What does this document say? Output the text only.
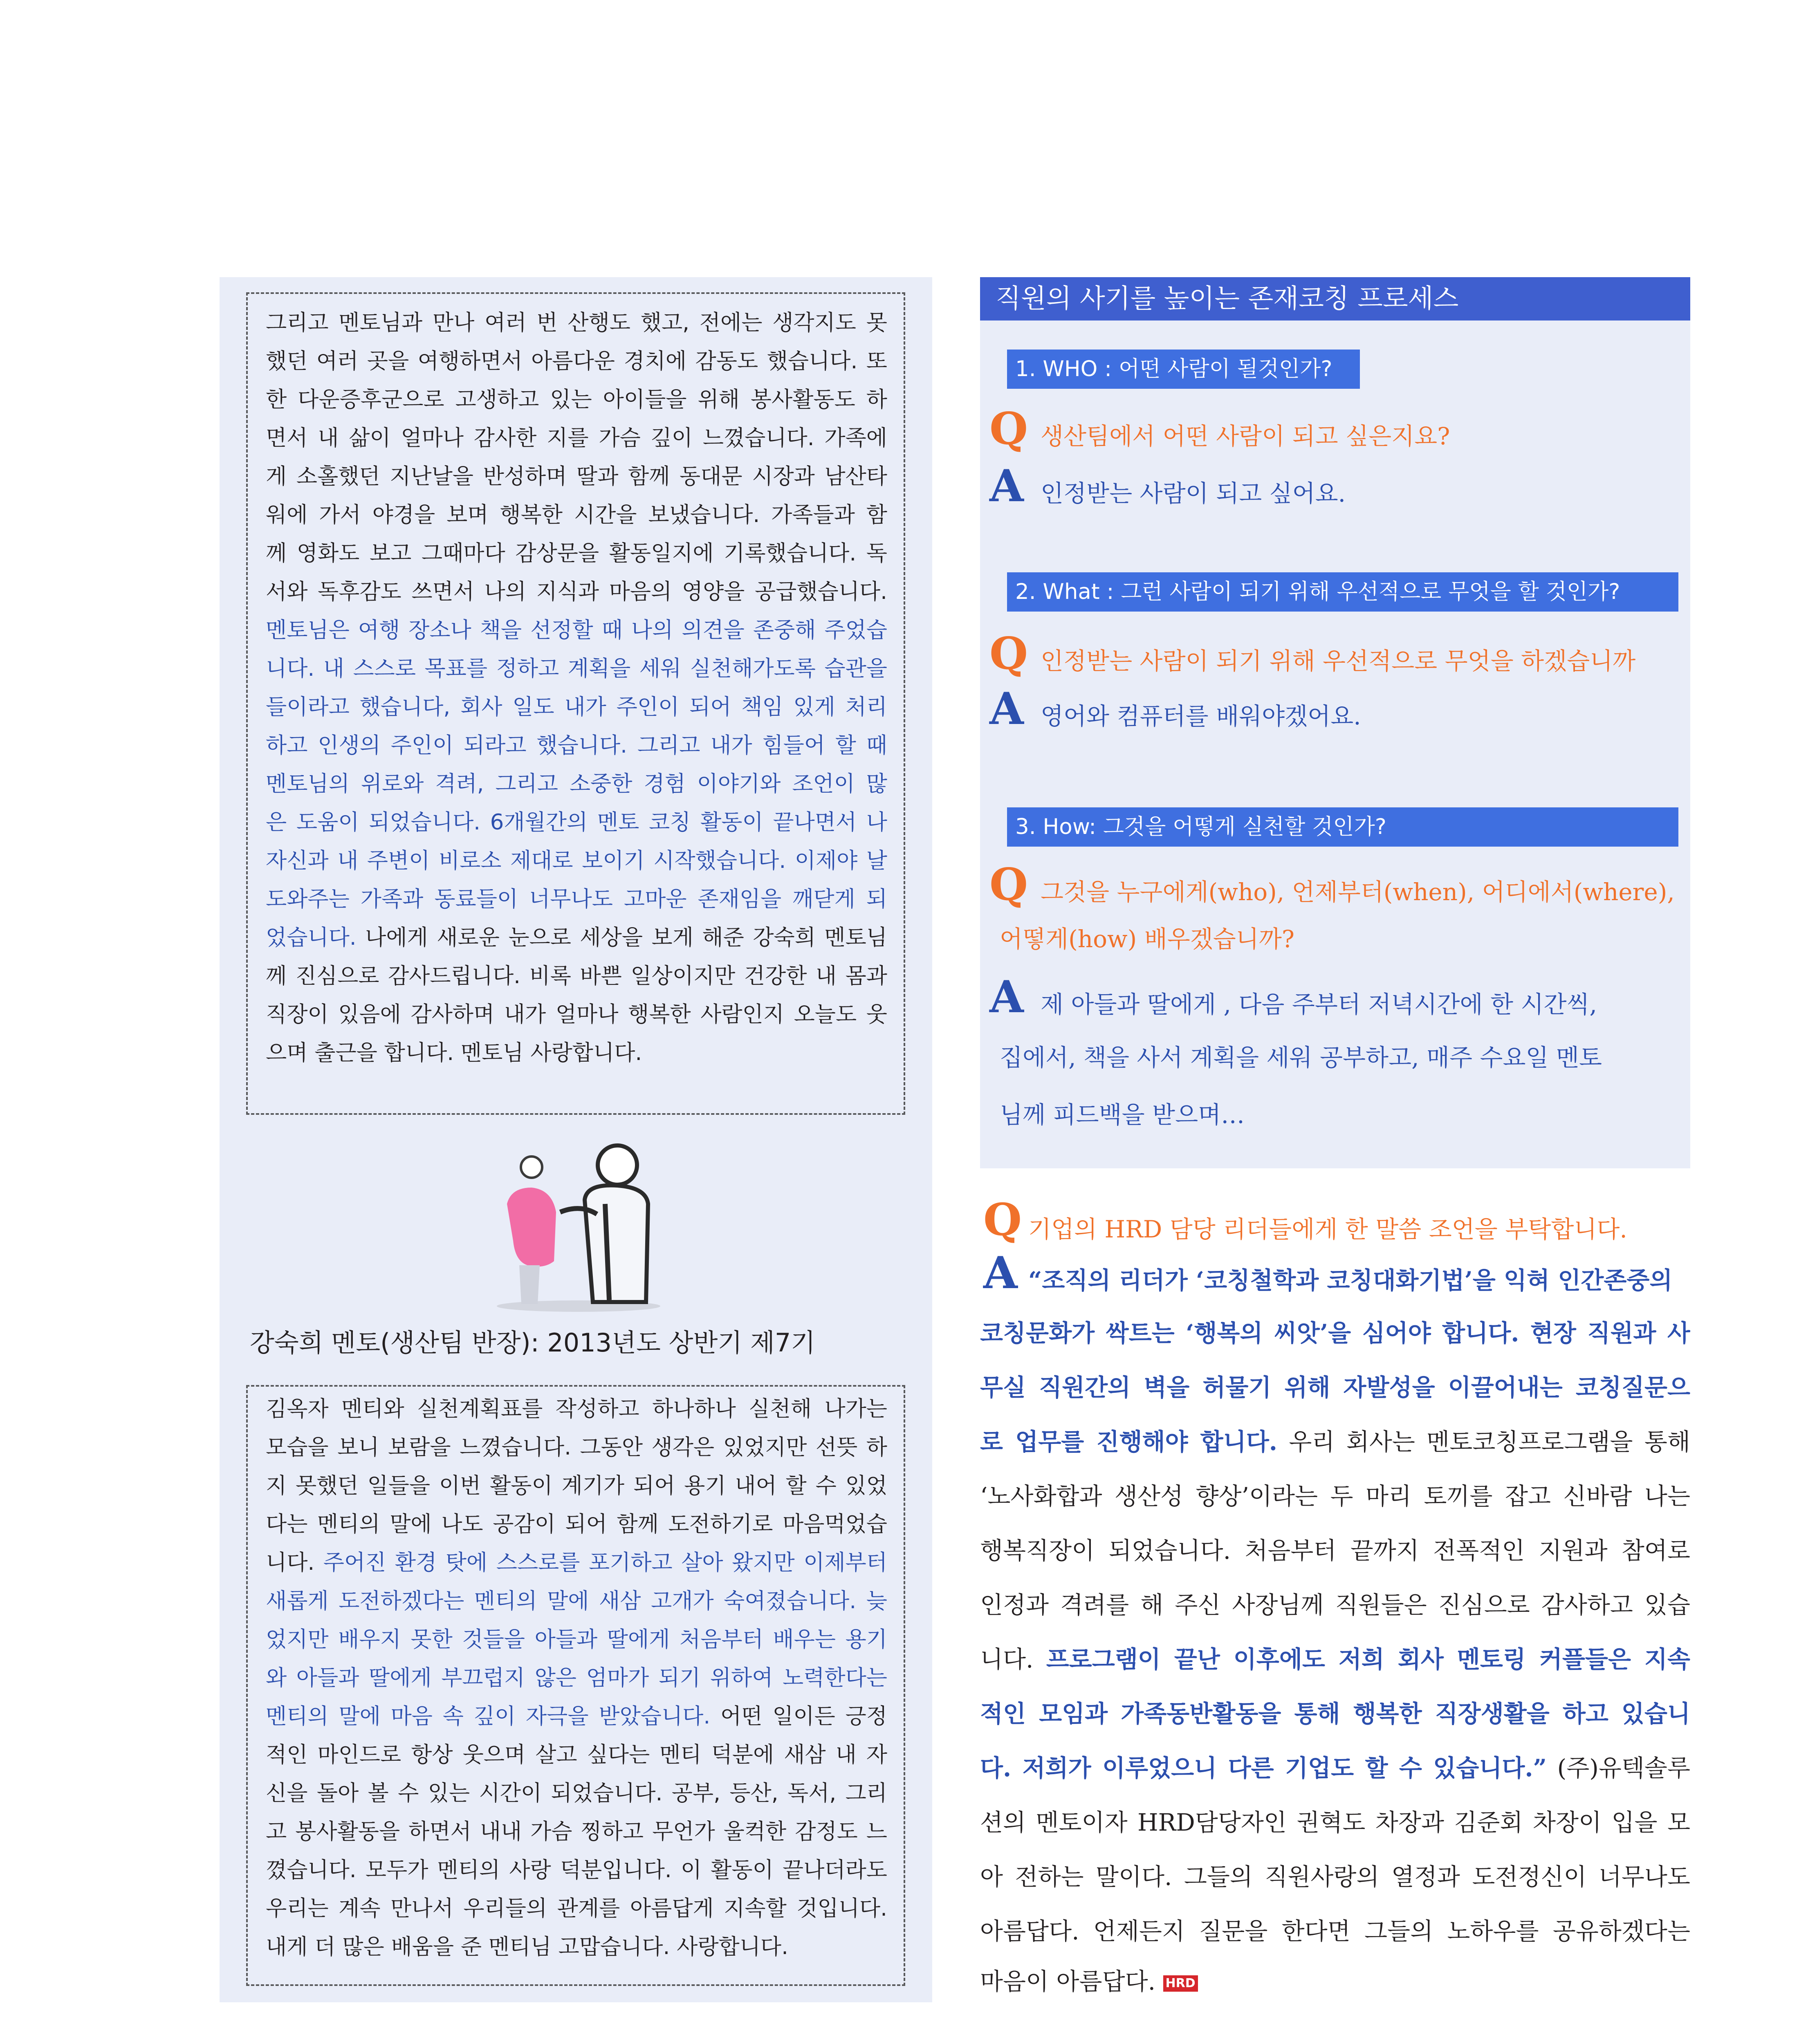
그리고 멘토님과 만나 여러 번 산행도 했고, 전에는 생각지도 못
했던 여러 곳을 여행하면서 아름다운 경치에 감동도 했습니다. 또
한 다운증후군으로 고생하고 있는 아이들을 위해 봉사활동도 하
면서 내 삶이 얼마나 감사한 지를 가슴 깊이 느꼈습니다. 가족에
게 소홀했던 지난날을 반성하며 딸과 함께 동대문 시장과 남산타
워에 가서 야경을 보며 행복한 시간을 보냈습니다. 가족들과 함
께 영화도 보고 그때마다 감상문을 활동일지에 기록했습니다. 독
서와 독후감도 쓰면서 나의 지식과 마음의 영양을 공급했습니다.
멘토님은 여행 장소나 책을 선정할 때 나의 의견을 존중해 주었습
니다. 내 스스로 목표를 정하고 계획을 세워 실천해가도록 습관을
들이라고 했습니다, 회사 일도 내가 주인이 되어 책임 있게 처리
하고 인생의 주인이 되라고 했습니다. 그리고 내가 힘들어 할 때
멘토님의 위로와 격려, 그리고 소중한 경험 이야기와 조언이 많
은 도움이 되었습니다. 6개월간의 멘토 코칭 활동이 끝나면서 나
자신과 내 주변이 비로소 제대로 보이기 시작했습니다. 이제야 날
도와주는 가족과 동료들이 너무나도 고마운 존재임을 깨닫게 되
었습니다. 나에게 새로운 눈으로 세상을 보게 해준 강숙희 멘토님
께 진심으로 감사드립니다. 비록 바쁜 일상이지만 건강한 내 몸과
직장이 있음에 감사하며 내가 얼마나 행복한 사람인지 오늘도 웃
으며 출근을 합니다. 멘토님 사랑합니다.
강숙희 멘토(생산팀 반장): 2013년도 상반기 제7기
김옥자 멘티와 실천계획표를 작성하고 하나하나 실천해 나가는
모습을 보니 보람을 느꼈습니다. 그동안 생각은 있었지만 선뜻 하
지 못했던 일들을 이번 활동이 계기가 되어 용기 내어 할 수 있었
다는 멘티의 말에 나도 공감이 되어 함께 도전하기로 마음먹었습
니다. 주어진 환경 탓에 스스로를 포기하고 살아 왔지만 이제부터
새롭게 도전하겠다는 멘티의 말에 새삼 고개가 숙여졌습니다. 늦
었지만 배우지 못한 것들을 아들과 딸에게 처음부터 배우는 용기
와 아들과 딸에게 부끄럽지 않은 엄마가 되기 위하여 노력한다는
멘티의 말에 마음 속 깊이 자극을 받았습니다. 어떤 일이든 긍정
적인 마인드로 항상 웃으며 살고 싶다는 멘티 덕분에 새삼 내 자
신을 돌아 볼 수 있는 시간이 되었습니다. 공부, 등산, 독서, 그리
고 봉사활동을 하면서 내내 가슴 찡하고 무언가 울컥한 감정도 느
꼈습니다. 모두가 멘티의 사랑 덕분입니다. 이 활동이 끝나더라도
우리는 계속 만나서 우리들의 관계를 아름답게 지속할 것입니다.
내게 더 많은 배움을 준 멘티님 고맙습니다. 사랑합니다.
직원의 사기를 높이는 존재코칭 프로세스
1. WHO : 어떤 사람이 될것인가?
Q 생산팀에서 어떤 사람이 되고 싶은지요?
A 인정받는 사람이 되고 싶어요.
2. What : 그런 사람이 되기 위해 우선적으로 무엇을 할 것인가?
Q 인정받는 사람이 되기 위해 우선적으로 무엇을 하겠습니까
A 영어와 컴퓨터를 배워야겠어요.
3. How: 그것을 어떻게 실천할 것인가?
Q 그것을 누구에게(who), 언제부터(when), 어디에서(where),
어떻게(how) 배우겠습니까?
A 제 아들과 딸에게 , 다음 주부터 저녁시간에 한 시간씩,
집에서, 책을 사서 계획을 세워 공부하고, 매주 수요일 멘토
님께 피드백을 받으며…
Q 기업의 HRD 담당 리더들에게 한 말씀 조언을 부탁합니다.
A “조직의 리더가 ‘코칭철학과 코칭대화기법’을 익혀 인간존중의
코칭문화가 싹트는 ‘행복의 씨앗’을 심어야 합니다. 현장 직원과 사
무실 직원간의 벽을 허물기 위해 자발성을 이끌어내는 코칭질문으
로 업무를 진행해야 합니다. 우리 회사는 멘토코칭프로그램을 통해
‘노사화합과 생산성 향상’이라는 두 마리 토끼를 잡고 신바람 나는
행복직장이 되었습니다. 처음부터 끝까지 전폭적인 지원과 참여로
인정과 격려를 해 주신 사장님께 직원들은 진심으로 감사하고 있습
니다. 프로그램이 끝난 이후에도 저희 회사 멘토링 커플들은 지속
적인 모임과 가족동반활동을 통해 행복한 직장생활을 하고 있습니
다. 저희가 이루었으니 다른 기업도 할 수 있습니다.” (주)유텍솔루
션의 멘토이자 HRD담당자인 권혁도 차장과 김준회 차장이 입을 모
아 전하는 말이다. 그들의 직원사랑의 열정과 도전정신이 너무나도
아름답다. 언제든지 질문을 한다면 그들의 노하우를 공유하겠다는
마음이 아름답다. HRD
